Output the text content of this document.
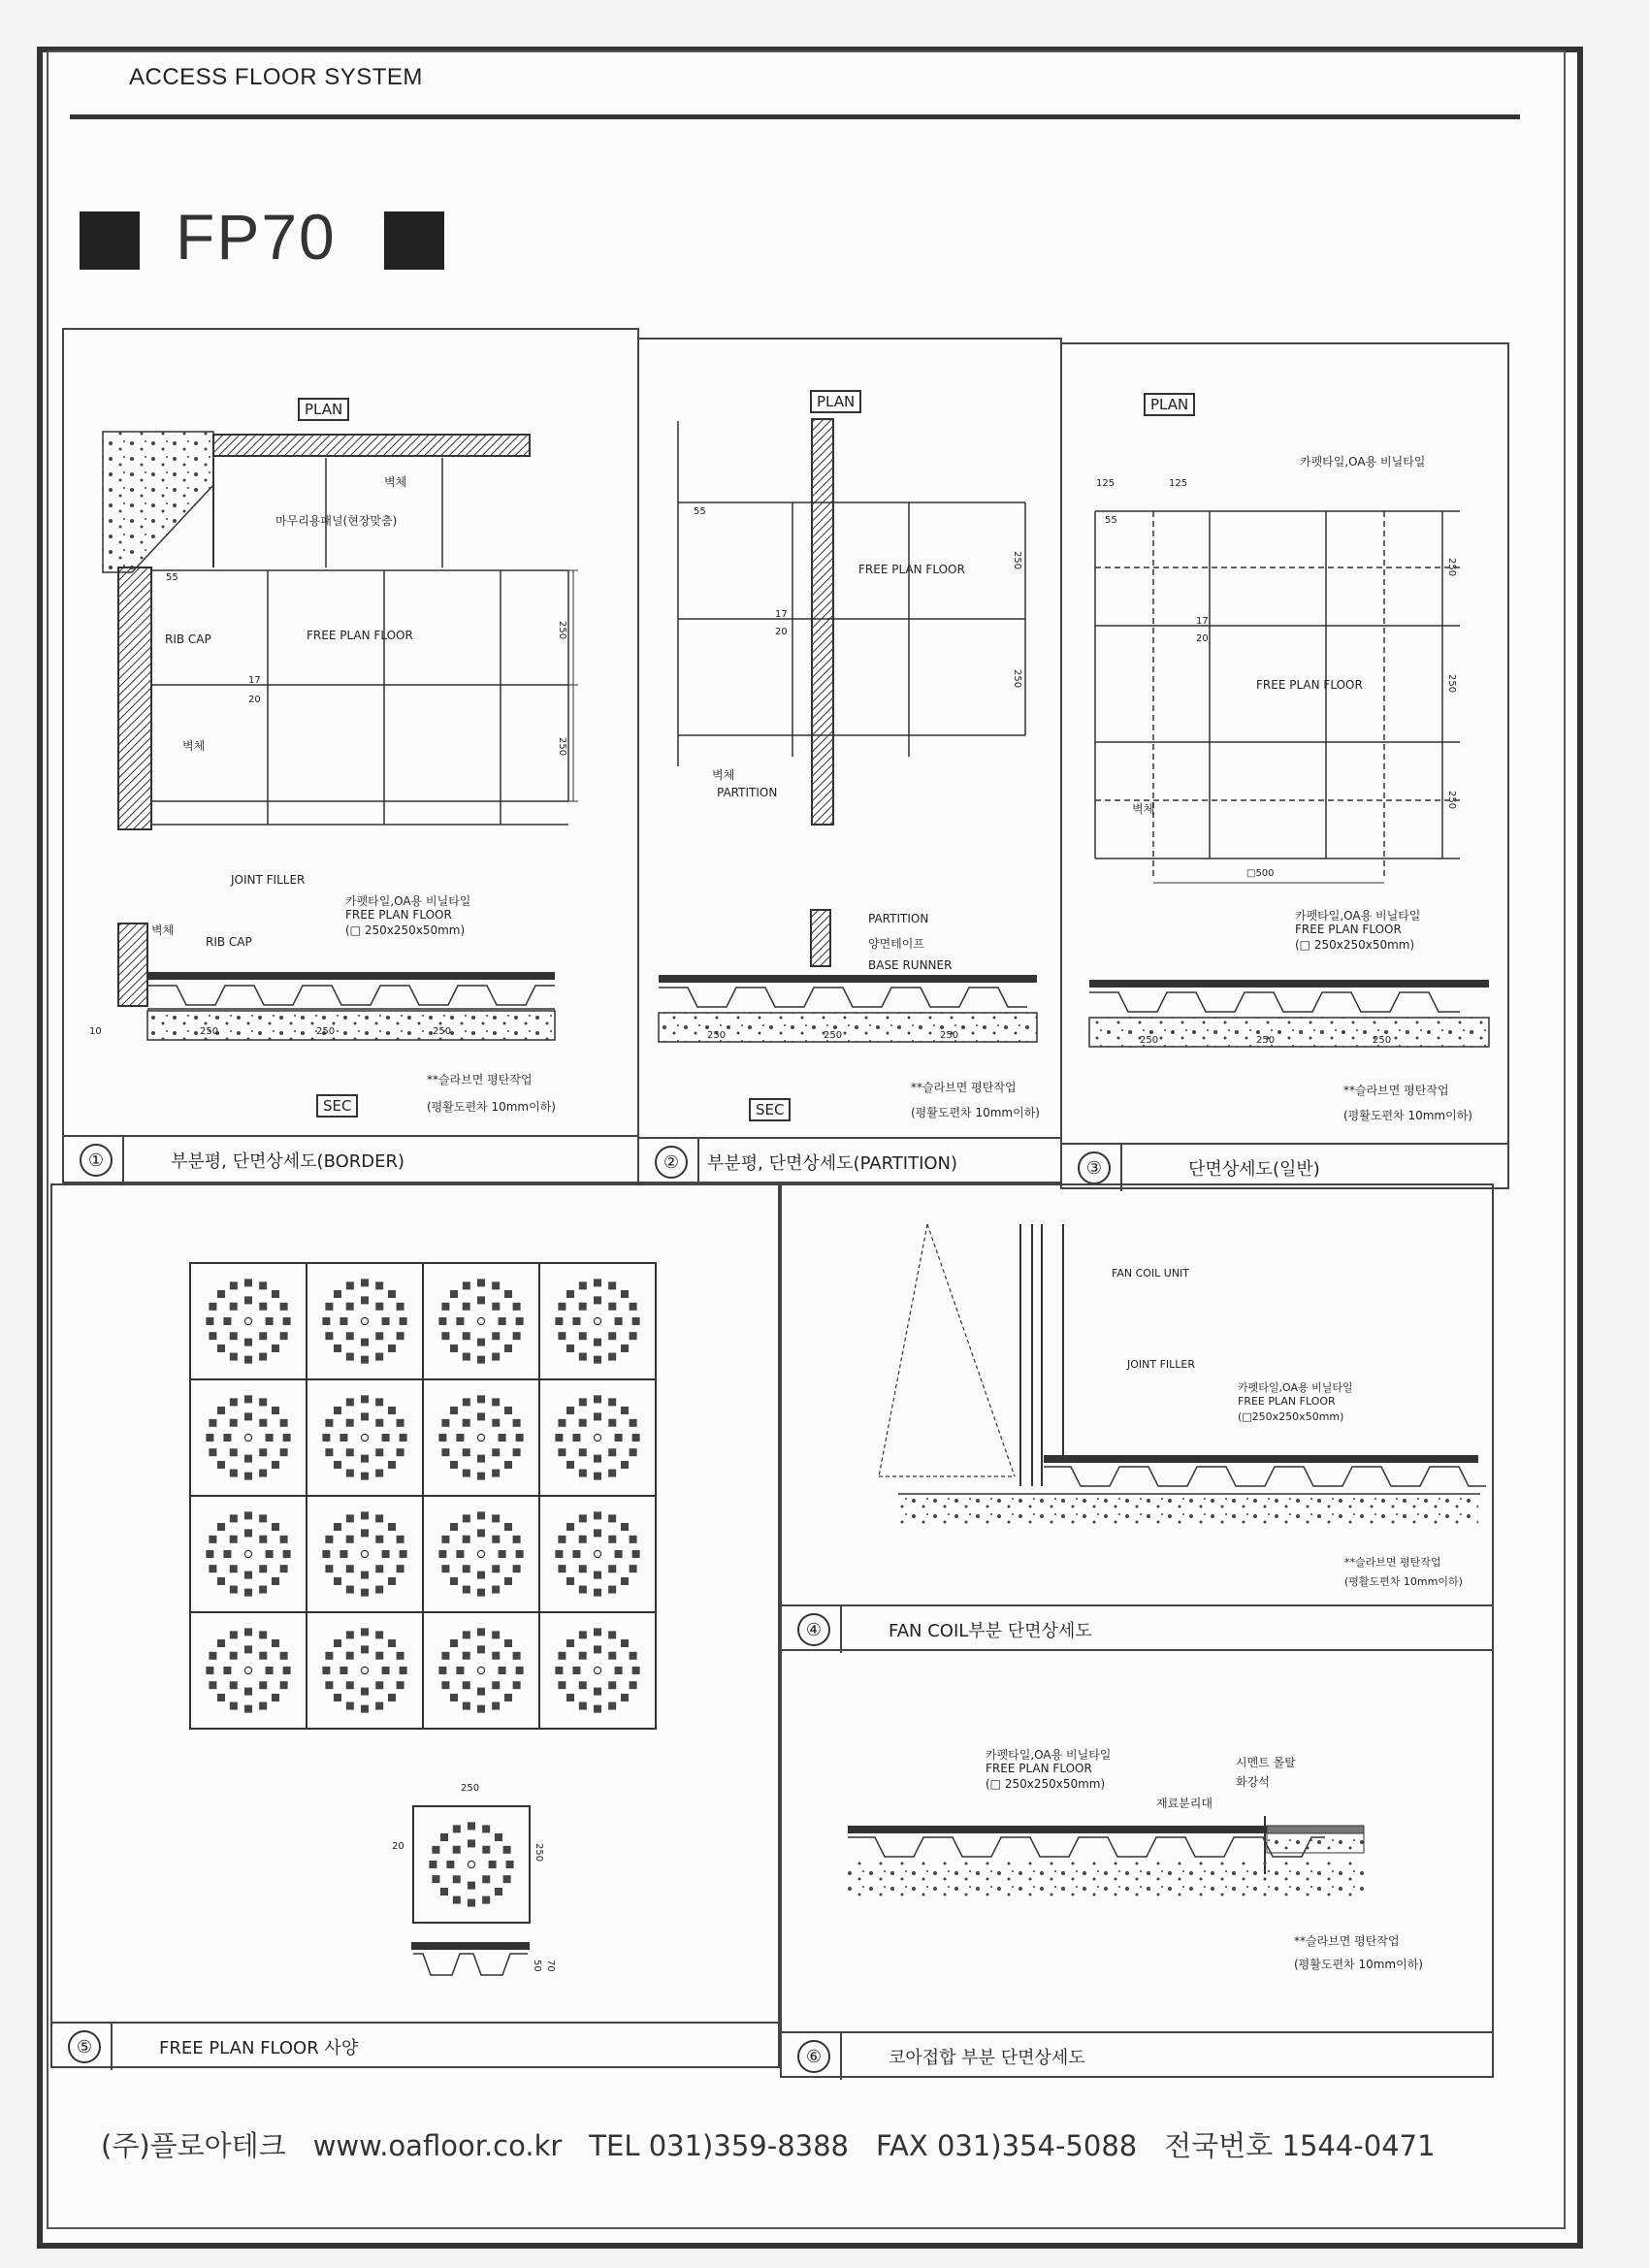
ACCESS FLOOR SYSTEM
FP70
①	부분평, 단면상세도(BORDER)
PLAN
SEC
벽체
마무리용패널(현장맞춤)
RIB CAP	FREE PLAN FLOOR
벽체
55
20
17
250
250
JOINT FILLER
벽체
RIB CAP
카펫타일,OA용 비닐타일
FREE PLAN FLOOR
(□ 250x250x50mm)
10	250	250	250
**슬라브면 평탄작업
(평활도편차 10mm이하)
②	부분평, 단면상세도(PARTITION)
PLAN
SEC
FREE PLAN FLOOR
벽체
PARTITION
55
20
17
250
250
PARTITION
양면테이프
BASE RUNNER
250	250	250
**슬라브면 평탄작업
(평활도편차 10mm이하)
③	단면상세도(일반)
PLAN
카펫타일,OA용 비닐타일
125	125
55
20
17
FREE PLAN FLOOR
벽체
□500
250
250
250
카펫타일,OA용 비닐타일
FREE PLAN FLOOR
(□ 250x250x50mm)
250	250	250
**슬라브면 평탄작업
(평활도편차 10mm이하)
⑤	FREE PLAN FLOOR 사양
250
250
20
70
50
④	FAN COIL부분 단면상세도
FAN COIL UNIT
JOINT FILLER
카펫타일,OA용 비닐타일
FREE PLAN FLOOR
(□250x250x50mm)
**슬라브면 평탄작업
(평활도편차 10mm이하)
⑥	코아접합 부분 단면상세도
카펫타일,OA용 비닐타일
FREE PLAN FLOOR
(□ 250x250x50mm)
시멘트 몰탈
화강석
재료분리대
**슬라브면 평탄작업
(평활도편차 10mm이하)
(주)플로아테크 www.oafloor.co.kr TEL 031)359-8388 FAX 031)354-5088 전국번호 1544-0471
